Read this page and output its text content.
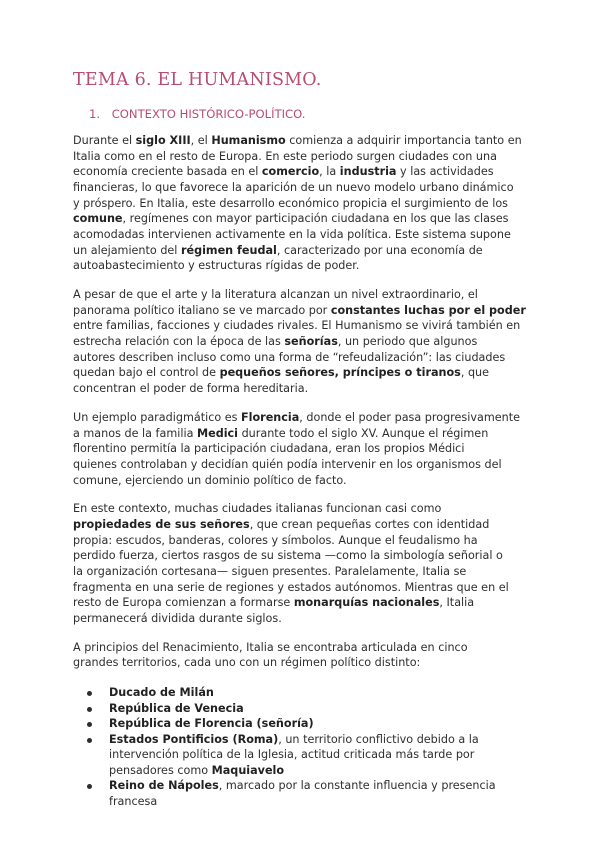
TEMA 6. EL HUMANISMO.
1. CONTEXTO HISTÓRICO-POLÍTICO.

Durante el siglo XIII, el Humanismo comienza a adquirir importancia tanto en
Italia como en el resto de Europa. En este periodo surgen ciudades con una
economía creciente basada en el comercio, la industria y las actividades
financieras, lo que favorece la aparición de un nuevo modelo urbano dinámico
y próspero. En Italia, este desarrollo económico propicia el surgimiento de los
comune, regímenes con mayor participación ciudadana en los que las clases
acomodadas intervienen activamente en la vida política. Este sistema supone
un alejamiento del régimen feudal, caracterizado por una economía de
autoabastecimiento y estructuras rígidas de poder.

A pesar de que el arte y la literatura alcanzan un nivel extraordinario, el
panorama político italiano se ve marcado por constantes luchas por el poder
entre familias, facciones y ciudades rivales. El Humanismo se vivirá también en
estrecha relación con la época de las señorías, un periodo que algunos
autores describen incluso como una forma de “refeudalización”: las ciudades
quedan bajo el control de pequeños señores, príncipes o tiranos, que
concentran el poder de forma hereditaria.

Un ejemplo paradigmático es Florencia, donde el poder pasa progresivamente
a manos de la familia Medici durante todo el siglo XV. Aunque el régimen
florentino permitía la participación ciudadana, eran los propios Médici
quienes controlaban y decidían quién podía intervenir en los organismos del
comune, ejerciendo un dominio político de facto.

En este contexto, muchas ciudades italianas funcionan casi como
propiedades de sus señores, que crean pequeñas cortes con identidad
propia: escudos, banderas, colores y símbolos. Aunque el feudalismo ha
perdido fuerza, ciertos rasgos de su sistema —como la simbología señorial o
la organización cortesana— siguen presentes. Paralelamente, Italia se
fragmenta en una serie de regiones y estados autónomos. Mientras que en el
resto de Europa comienzan a formarse monarquías nacionales, Italia
permanecerá dividida durante siglos.

A principios del Renacimiento, Italia se encontraba articulada en cinco
grandes territorios, cada uno con un régimen político distinto:

Ducado de Milán
República de Venecia
República de Florencia (señoría)
Estados Pontificios (Roma), un territorio conflictivo debido a la
intervención política de la Iglesia, actitud criticada más tarde por
pensadores como Maquiavelo
Reino de Nápoles, marcado por la constante influencia y presencia
francesa
